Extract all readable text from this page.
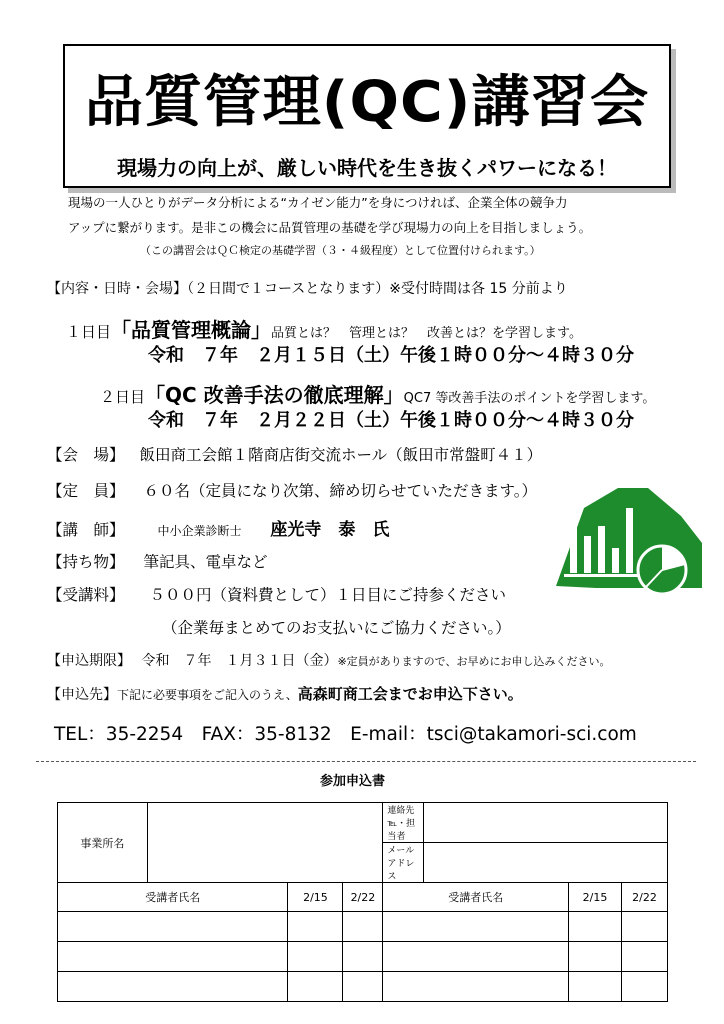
品質管理(QC)講習会
現場力の向上が、厳しい時代を生き抜くパワーになる！
現場の一人ひとりがデータ分析による“カイゼン能力”を身につければ、企業全体の競争力
アップに繋がります。是非この機会に品質管理の基礎を学び現場力の向上を目指しましょう。
（この講習会はＱＣ検定の基礎学習（３・４級程度）として位置付けられます。）
【内容・日時・会場】（２日間で１コースとなります）※受付時間は各 15 分前より
１日目「品質管理概論」品質とは？　管理とは？　改善とは？を学習します。
令和　７年　２月１５日（土）午後１時００分～４時３０分
２日目「QC 改善手法の徹底理解」QC7 等改善手法のポイントを学習します。
令和　７年　２月２２日（土）午後１時００分～４時３０分
【会　場】 飯田商工会館１階商店街交流ホール（飯田市常盤町４１）
【定　員】 ６０名（定員になり次第、締め切らせていただきます。）
【講　師】	中小企業診断士 座光寺　泰　氏
【持ち物】 筆記具、電卓など
【受講料】 ５００円（資料費として）１日目にご持参ください
（企業毎まとめてのお支払いにご協力ください。）
【申込期限】 令和　７年　１月３１日（金）※定員がありますので、お早めにお申し込みください。
【申込先】下記に必要事項をご記入のうえ、高森町商工会までお申込下さい。
TEL：35-2254　FAX：35-8132　E-mail：tsci@takamori-sci.com
参加申込書
事業所名				連絡先℡・担当者			
				メールアドレス			
受講者氏名		2/15	2/22	受講者氏名		2/15	2/22
